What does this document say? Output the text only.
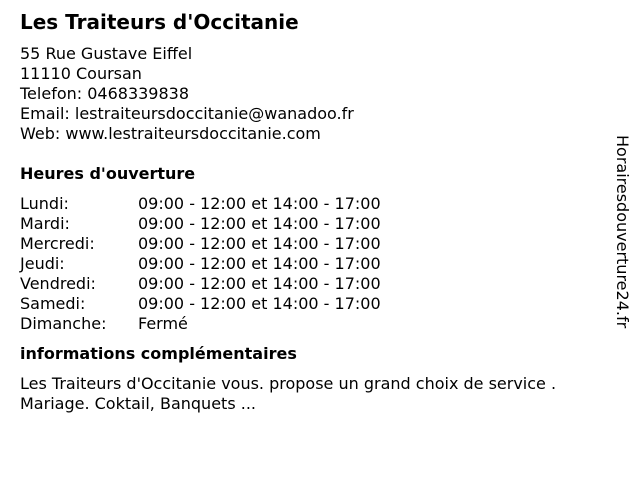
Les Traiteurs d'Occitanie
55 Rue Gustave Eiffel
11110 Coursan
Telefon: 0468339838
Email: lestraiteursdoccitanie@wanadoo.fr
Web: www.lestraiteursdoccitanie.com
Heures d'ouverture
Lundi:	09:00 - 12:00 et 14:00 - 17:00
Mardi:	09:00 - 12:00 et 14:00 - 17:00
Mercredi:	09:00 - 12:00 et 14:00 - 17:00
Jeudi:	09:00 - 12:00 et 14:00 - 17:00
Vendredi:	09:00 - 12:00 et 14:00 - 17:00
Samedi:	09:00 - 12:00 et 14:00 - 17:00
Dimanche:	Fermé
informations complémentaires
Les Traiteurs d'Occitanie vous. propose un grand choix de service . Mariage. Coktail, Banquets ...
Horairesdouverture24.fr
